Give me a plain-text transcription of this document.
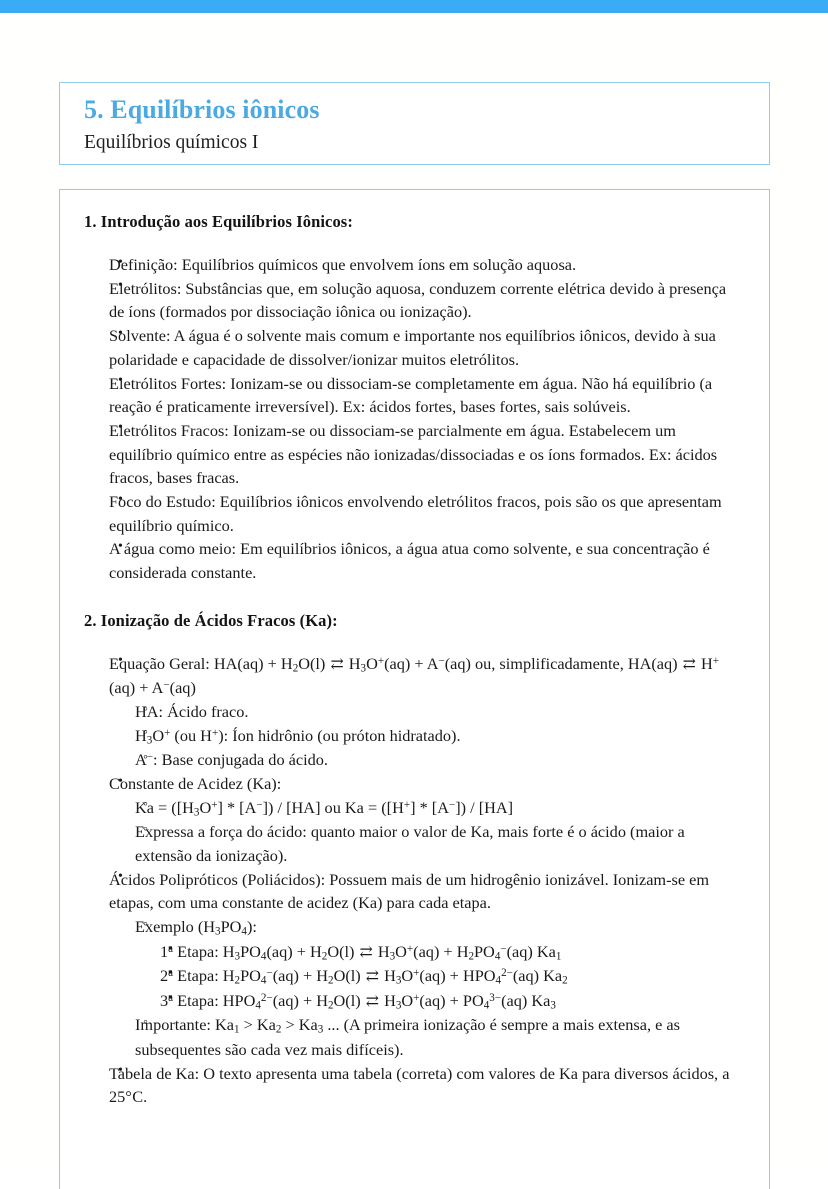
5. Equilíbrios iônicos
Equilíbrios químicos I
1. Introdução aos Equilíbrios Iônicos:
• Definição: Equilíbrios químicos que envolvem íons em solução aquosa.
• Eletrólitos: Substâncias que, em solução aquosa, conduzem corrente elétrica devido à presença de íons (formados por dissociação iônica ou ionização).
• Solvente: A água é o solvente mais comum e importante nos equilíbrios iônicos, devido à sua polaridade e capacidade de dissolver/ionizar muitos eletrólitos.
• Eletrólitos Fortes: Ionizam-se ou dissociam-se completamente em água. Não há equilíbrio (a reação é praticamente irreversível). Ex: ácidos fortes, bases fortes, sais solúveis.
• Eletrólitos Fracos: Ionizam-se ou dissociam-se parcialmente em água. Estabelecem um equilíbrio químico entre as espécies não ionizadas/dissociadas e os íons formados. Ex: ácidos fracos, bases fracas.
• Foco do Estudo: Equilíbrios iônicos envolvendo eletrólitos fracos, pois são os que apresentam equilíbrio químico.
• A água como meio: Em equilíbrios iônicos, a água atua como solvente, e sua concentração é considerada constante.
2. Ionização de Ácidos Fracos (Ka):
• Equação Geral: $HA(aq) + H_2O(l)$ ⇄ $H_3O^+(aq) + A^-(aq)$ ou, simplificadamente, HA(aq) ⇄ H+(aq) + A−(aq)
◦ HA: Ácido fraco.
◦ $H_3O^+$ (ou H+): Íon hidrônio (ou próton hidratado).
◦ A−: Base conjugada do ácido.
• Constante de Acidez (Ka):
◦ $Ka = ([H_3O^+] * [A^-]) / [HA]$ ou Ka = ([H+] * [A−]) / [HA]
◦ Expressa a força do ácido: quanto maior o valor de Ka, mais forte é o ácido (maior a extensão da ionização).
• Ácidos Polipróticos (Poliácidos): Possuem mais de um hidrogênio ionizável. Ionizam-se em etapas, com uma constante de acidez (Ka) para cada etapa.
◦ Exemplo $(H_3PO_4)$:
▪ 1$^a$ Etapa: $H_3PO_4(aq) + H_2O(l)$ ⇄ $H_3O^+(aq) + H_2PO_4^-(aq)$ $Ka_1$
▪ 2$^a$ Etapa: $H_2PO_4^-(aq) + H_2O(l)$ ⇄ $H_3O^+(aq) + HPO_4^{2-}(aq)$ $Ka_2$
▪ 3$^a$ Etapa: $HPO_4^{2-}(aq) + H_2O(l)$ ⇄ $H_3O^+(aq) + PO_4^{3-}(aq)$ $Ka_3$
◦ Importante: $Ka_1 > Ka_2 > Ka_3$ ... (A primeira ionização é sempre a mais extensa, e as subsequentes são cada vez mais difíceis).
• Tabela de Ka: O texto apresenta uma tabela (correta) com valores de Ka para diversos ácidos, a 25°C.
